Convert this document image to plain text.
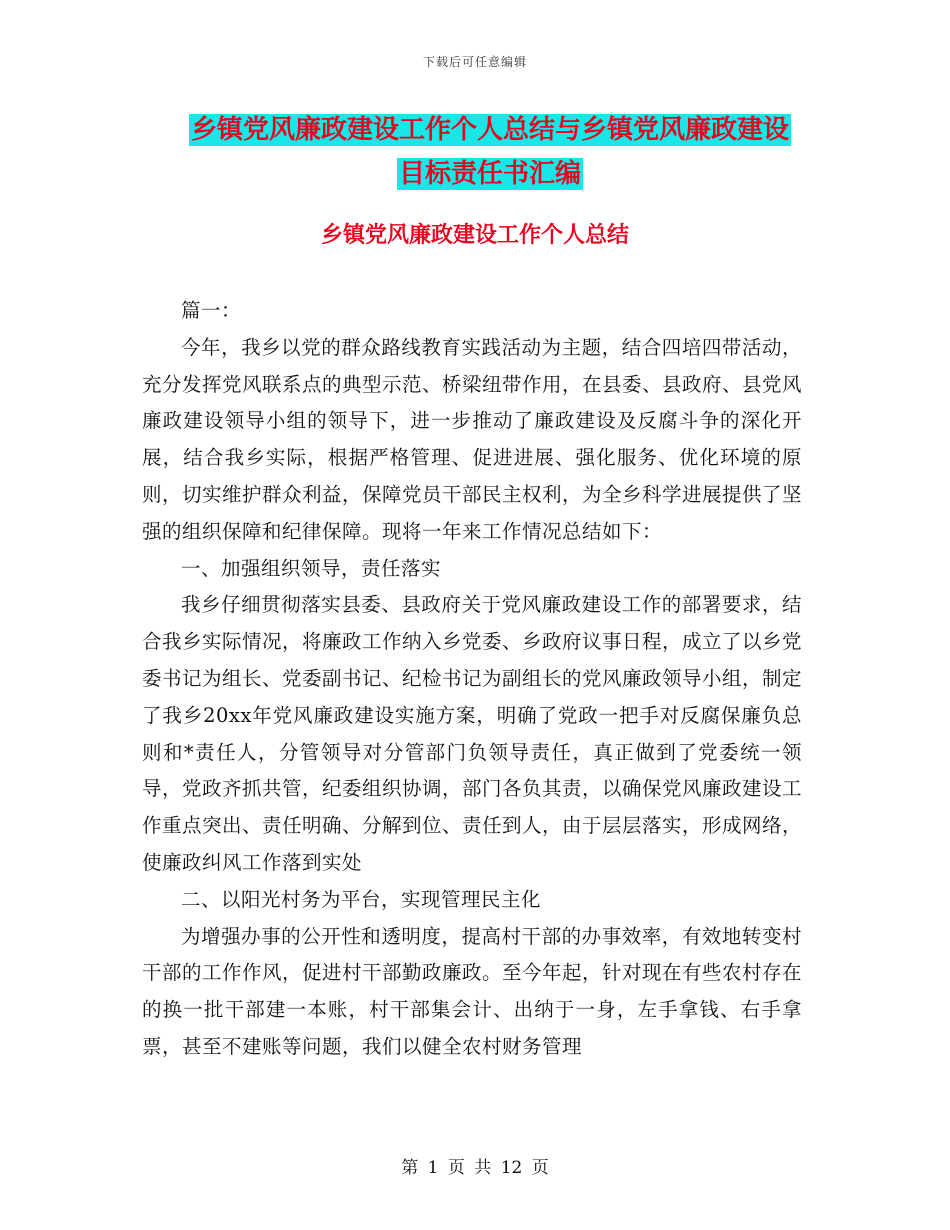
下载后可任意编辑
乡镇党风廉政建设工作个人总结与乡镇党风廉政建设
目标责任书汇编
乡镇党风廉政建设工作个人总结

篇一：

今年，我乡以党的群众路线教育实践活动为主题，结合四培四带活动，充分发挥党风联系点的典型示范、桥梁纽带作用，在县委、县政府、县党风廉政建设领导小组的领导下，进一步推动了廉政建设及反腐斗争的深化开展，结合我乡实际，根据严格管理、促进进展、强化服务、优化环境的原则，切实维护群众利益，保障党员干部民主权利，为全乡科学进展提供了坚强的组织保障和纪律保障。现将一年来工作情况总结如下：

一、加强组织领导，责任落实

我乡仔细贯彻落实县委、县政府关于党风廉政建设工作的部署要求，结合我乡实际情况，将廉政工作纳入乡党委、乡政府议事日程，成立了以乡党委书记为组长、党委副书记、纪检书记为副组长的党风廉政领导小组，制定了我乡20xx年党风廉政建设实施方案，明确了党政一把手对反腐保廉负总则和*责任人，分管领导对分管部门负领导责任，真正做到了党委统一领导，党政齐抓共管，纪委组织协调，部门各负其责，以确保党风廉政建设工作重点突出、责任明确、分解到位、责任到人，由于层层落实，形成网络，使廉政纠风工作落到实处

二、以阳光村务为平台，实现管理民主化

为增强办事的公开性和透明度，提高村干部的办事效率，有效地转变村干部的工作作风，促进村干部勤政廉政。至今年起，针对现在有些农村存在的换一批干部建一本账，村干部集会计、出纳于一身，左手拿钱、右手拿票，甚至不建账等问题，我们以健全农村财务管理

第 1 页 共 12 页
